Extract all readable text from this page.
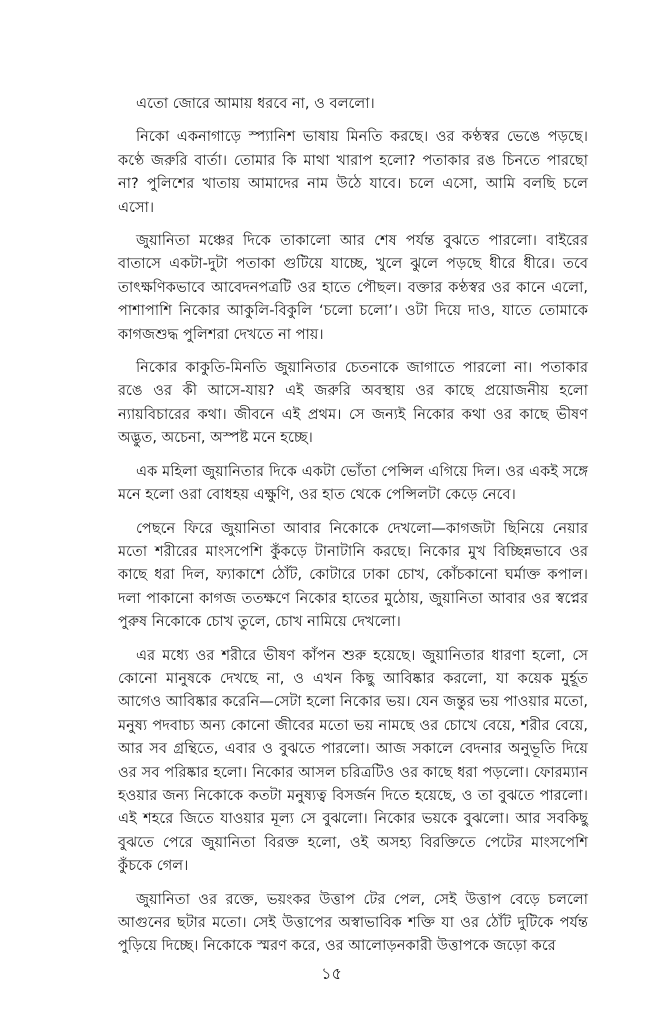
এতো জোরে আমায় ধরবে না, ও বললো।

নিকো একনাগাড়ে স্প্যানিশ ভাষায় মিনতি করছে। ওর কণ্ঠস্বর ভেঙে পড়ছে। কণ্ঠে জরুরি বার্তা। তোমার কি মাথা খারাপ হলো? পতাকার রঙ চিনতে পারছো না? পুলিশের খাতায় আমাদের নাম উঠে যাবে। চলে এসো, আমি বলছি চলে এসো।

জুয়ানিতা মঞ্চের দিকে তাকালো আর শেষ পর্যন্ত বুঝতে পারলো। বাইরের বাতাসে একটা-দুটা পতাকা গুটিয়ে যাচ্ছে, খুলে ঝুলে পড়ছে ধীরে ধীরে। তবে তাৎক্ষণিকভাবে আবেদনপত্রটি ওর হাতে পৌছল। বক্তার কণ্ঠস্বর ওর কানে এলো, পাশাপাশি নিকোর আকুলি-বিকুলি ‘চলো চলো’। ওটা দিয়ে দাও, যাতে তোমাকে কাগজশুদ্ধ পুলিশরা দেখতে না পায়।

নিকোর কাকুতি-মিনতি জুয়ানিতার চেতনাকে জাগাতে পারলো না। পতাকার রঙে ওর কী আসে-যায়? এই জরুরি অবস্থায় ওর কাছে প্রয়োজনীয় হলো ন্যায়বিচারের কথা। জীবনে এই প্রথম। সে জন্যই নিকোর কথা ওর কাছে ভীষণ অদ্ভুত, অচেনা, অস্পষ্ট মনে হচ্ছে।

এক মহিলা জুয়ানিতার দিকে একটা ভোঁতা পেন্সিল এগিয়ে দিল। ওর একই সঙ্গে মনে হলো ওরা বোধহয় এক্ষুণি, ওর হাত থেকে পেন্সিলটা কেড়ে নেবে।

পেছনে ফিরে জুয়ানিতা আবার নিকোকে দেখলো—কাগজটা ছিনিয়ে নেয়ার মতো শরীরের মাংসপেশি কুঁকড়ে টানাটানি করছে। নিকোর মুখ বিচ্ছিন্নভাবে ওর কাছে ধরা দিল, ফ্যাকাশে ঠোঁট, কোটারে ঢাকা চোখ, কোঁচকানো ঘর্মাক্ত কপাল। দলা পাকানো কাগজ ততক্ষণে নিকোর হাতের মুঠোয়, জুয়ানিতা আবার ওর স্বপ্নের পুরুষ নিকোকে চোখ তুলে, চোখ নামিয়ে দেখলো।

এর মধ্যে ওর শরীরে ভীষণ কাঁপন শুরু হয়েছে। জুয়ানিতার ধারণা হলো, সে কোনো মানুষকে দেখছে না, ও এখন কিছু আবিষ্কার করলো, যা কয়েক মুর্হূত আগেও আবিষ্কার করেনি—সেটা হলো নিকোর ভয়। যেন জন্তুর ভয় পাওয়ার মতো, মনুষ্য পদবাচ্য অন্য কোনো জীবের মতো ভয় নামছে ওর চোখে বেয়ে, শরীর বেয়ে, আর সব গ্রন্থিতে, এবার ও বুঝতে পারলো। আজ সকালে বেদনার অনুভূতি দিয়ে ওর সব পরিষ্কার হলো। নিকোর আসল চরিত্রটিও ওর কাছে ধরা পড়লো। ফোরম্যান হওয়ার জন্য নিকোকে কতটা মনুষ্যত্ব বিসর্জন দিতে হয়েছে, ও তা বুঝতে পারলো। এই শহরে জিতে যাওয়ার মূল্য সে বুঝলো। নিকোর ভয়কে বুঝলো। আর সবকিছু বুঝতে পেরে জুয়ানিতা বিরক্ত হলো, ওই অসহ্য বিরক্তিতে পেটের মাংসপেশি কুঁচকে গেল।

জুয়ানিতা ওর রক্তে, ভয়ংকর উত্তাপ টের পেল, সেই উত্তাপ বেড়ে চললো আগুনের ছটার মতো। সেই উত্তাপের অস্বাভাবিক শক্তি যা ওর ঠোঁট দুটিকে পর্যন্ত পুড়িয়ে দিচ্ছে। নিকোকে স্মরণ করে, ওর আলোড়নকারী উত্তাপকে জড়ো করে

১৫
